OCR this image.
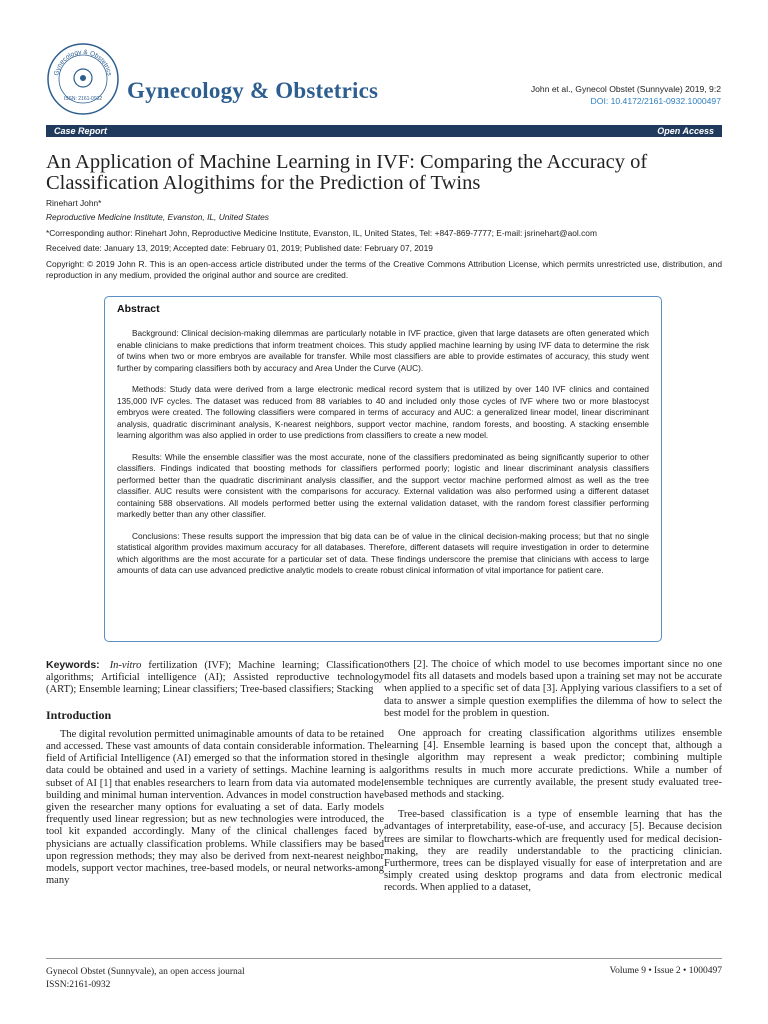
Gynecology & Obstetrics
ISSN: 2161-0932 Gynecology & Obstetrics	John et al., Gynecol Obstet (Sunnyvale) 2019, 9:2
DOI: 10.4172/2161-0932.1000497
Case Report	Open Access
An Application of Machine Learning in IVF: Comparing the Accuracy of Classification Alogithims for the Prediction of Twins
Rinehart John*
Reproductive Medicine Institute, Evanston, IL, United States
*Corresponding author: Rinehart John, Reproductive Medicine Institute, Evanston, IL, United States, Tel: +847-869-7777; E-mail: jsrinehart@aol.com
Received date: January 13, 2019; Accepted date: February 01, 2019; Published date: February 07, 2019
Copyright: © 2019 John R. This is an open-access article distributed under the terms of the Creative Commons Attribution License, which permits unrestricted use, distribution, and reproduction in any medium, provided the original author and source are credited.
Abstract

Background: Clinical decision-making dilemmas are particularly notable in IVF practice, given that large datasets are often generated which enable clinicians to make predictions that inform treatment choices. This study applied machine learning by using IVF data to determine the risk of twins when two or more embryos are available for transfer. While most classifiers are able to provide estimates of accuracy, this study went further by comparing classifiers both by accuracy and Area Under the Curve (AUC).

Methods: Study data were derived from a large electronic medical record system that is utilized by over 140 IVF clinics and contained 135,000 IVF cycles. The dataset was reduced from 88 variables to 40 and included only those cycles of IVF where two or more blastocyst embryos were created. The following classifiers were compared in terms of accuracy and AUC: a generalized linear model, linear discriminant analysis, quadratic discriminant analysis, K-nearest neighbors, support vector machine, random forests, and boosting. A stacking ensemble learning algorithm was also applied in order to use predictions from classifiers to create a new model.

Results: While the ensemble classifier was the most accurate, none of the classifiers predominated as being significantly superior to other classifiers. Findings indicated that boosting methods for classifiers performed poorly; logistic and linear discriminant analysis classifiers performed better than the quadratic discriminant analysis classifier, and the support vector machine performed almost as well as the tree classifier. AUC results were consistent with the comparisons for accuracy. External validation was also performed using a different dataset containing 588 observations. All models performed better using the external validation dataset, with the random forest classifier performing markedly better than any other classifier.

Conclusions: These results support the impression that big data can be of value in the clinical decision-making process; but that no single statistical algorithm provides maximum accuracy for all databases. Therefore, different datasets will require investigation in order to determine which algorithms are the most accurate for a particular set of data. These findings underscore the premise that clinicians with access to large amounts of data can use advanced predictive analytic models to create robust clinical information of vital importance for patient care.

Keywords: In-vitro fertilization (IVF); Machine learning; Classification algorithms; Artificial intelligence (AI); Assisted reproductive technology (ART); Ensemble learning; Linear classifiers; Tree-based classifiers; Stacking

Introduction

The digital revolution permitted unimaginable amounts of data to be retained and accessed. These vast amounts of data contain considerable information. The field of Artificial Intelligence (AI) emerged so that the information stored in the data could be obtained and used in a variety of settings. Machine learning is a subset of AI [1] that enables researchers to learn from data via automated model building and minimal human intervention. Advances in model construction have given the researcher many options for evaluating a set of data. Early models frequently used linear regression; but as new technologies were introduced, the tool kit expanded accordingly. Many of the clinical challenges faced by physicians are actually classification problems. While classifiers may be based upon regression methods; they may also be derived from next-nearest neighbor models, support vector machines, tree-based models, or neural networks-among many

others [2]. The choice of which model to use becomes important since no one model fits all datasets and models based upon a training set may not be accurate when applied to a specific set of data [3]. Applying various classifiers to a set of data to answer a simple question exemplifies the dilemma of how to select the best model for the problem in question.

One approach for creating classification algorithms utilizes ensemble learning [4]. Ensemble learning is based upon the concept that, although a single algorithm may represent a weak predictor; combining multiple algorithms results in much more accurate predictions. While a number of ensemble techniques are currently available, the present study evaluated tree-based methods and stacking.

Tree-based classification is a type of ensemble learning that has the advantages of interpretability, ease-of-use, and accuracy [5]. Because decision trees are similar to flowcharts-which are frequently used for medical decision-making, they are readily understandable to the practicing clinician. Furthermore, trees can be displayed visually for ease of interpretation and are simply created using desktop programs and data from electronic medical records. When applied to a dataset,

Gynecol Obstet (Sunnyvale), an open access journal
ISSN:2161-0932
Volume 9 • Issue 2 • 1000497
